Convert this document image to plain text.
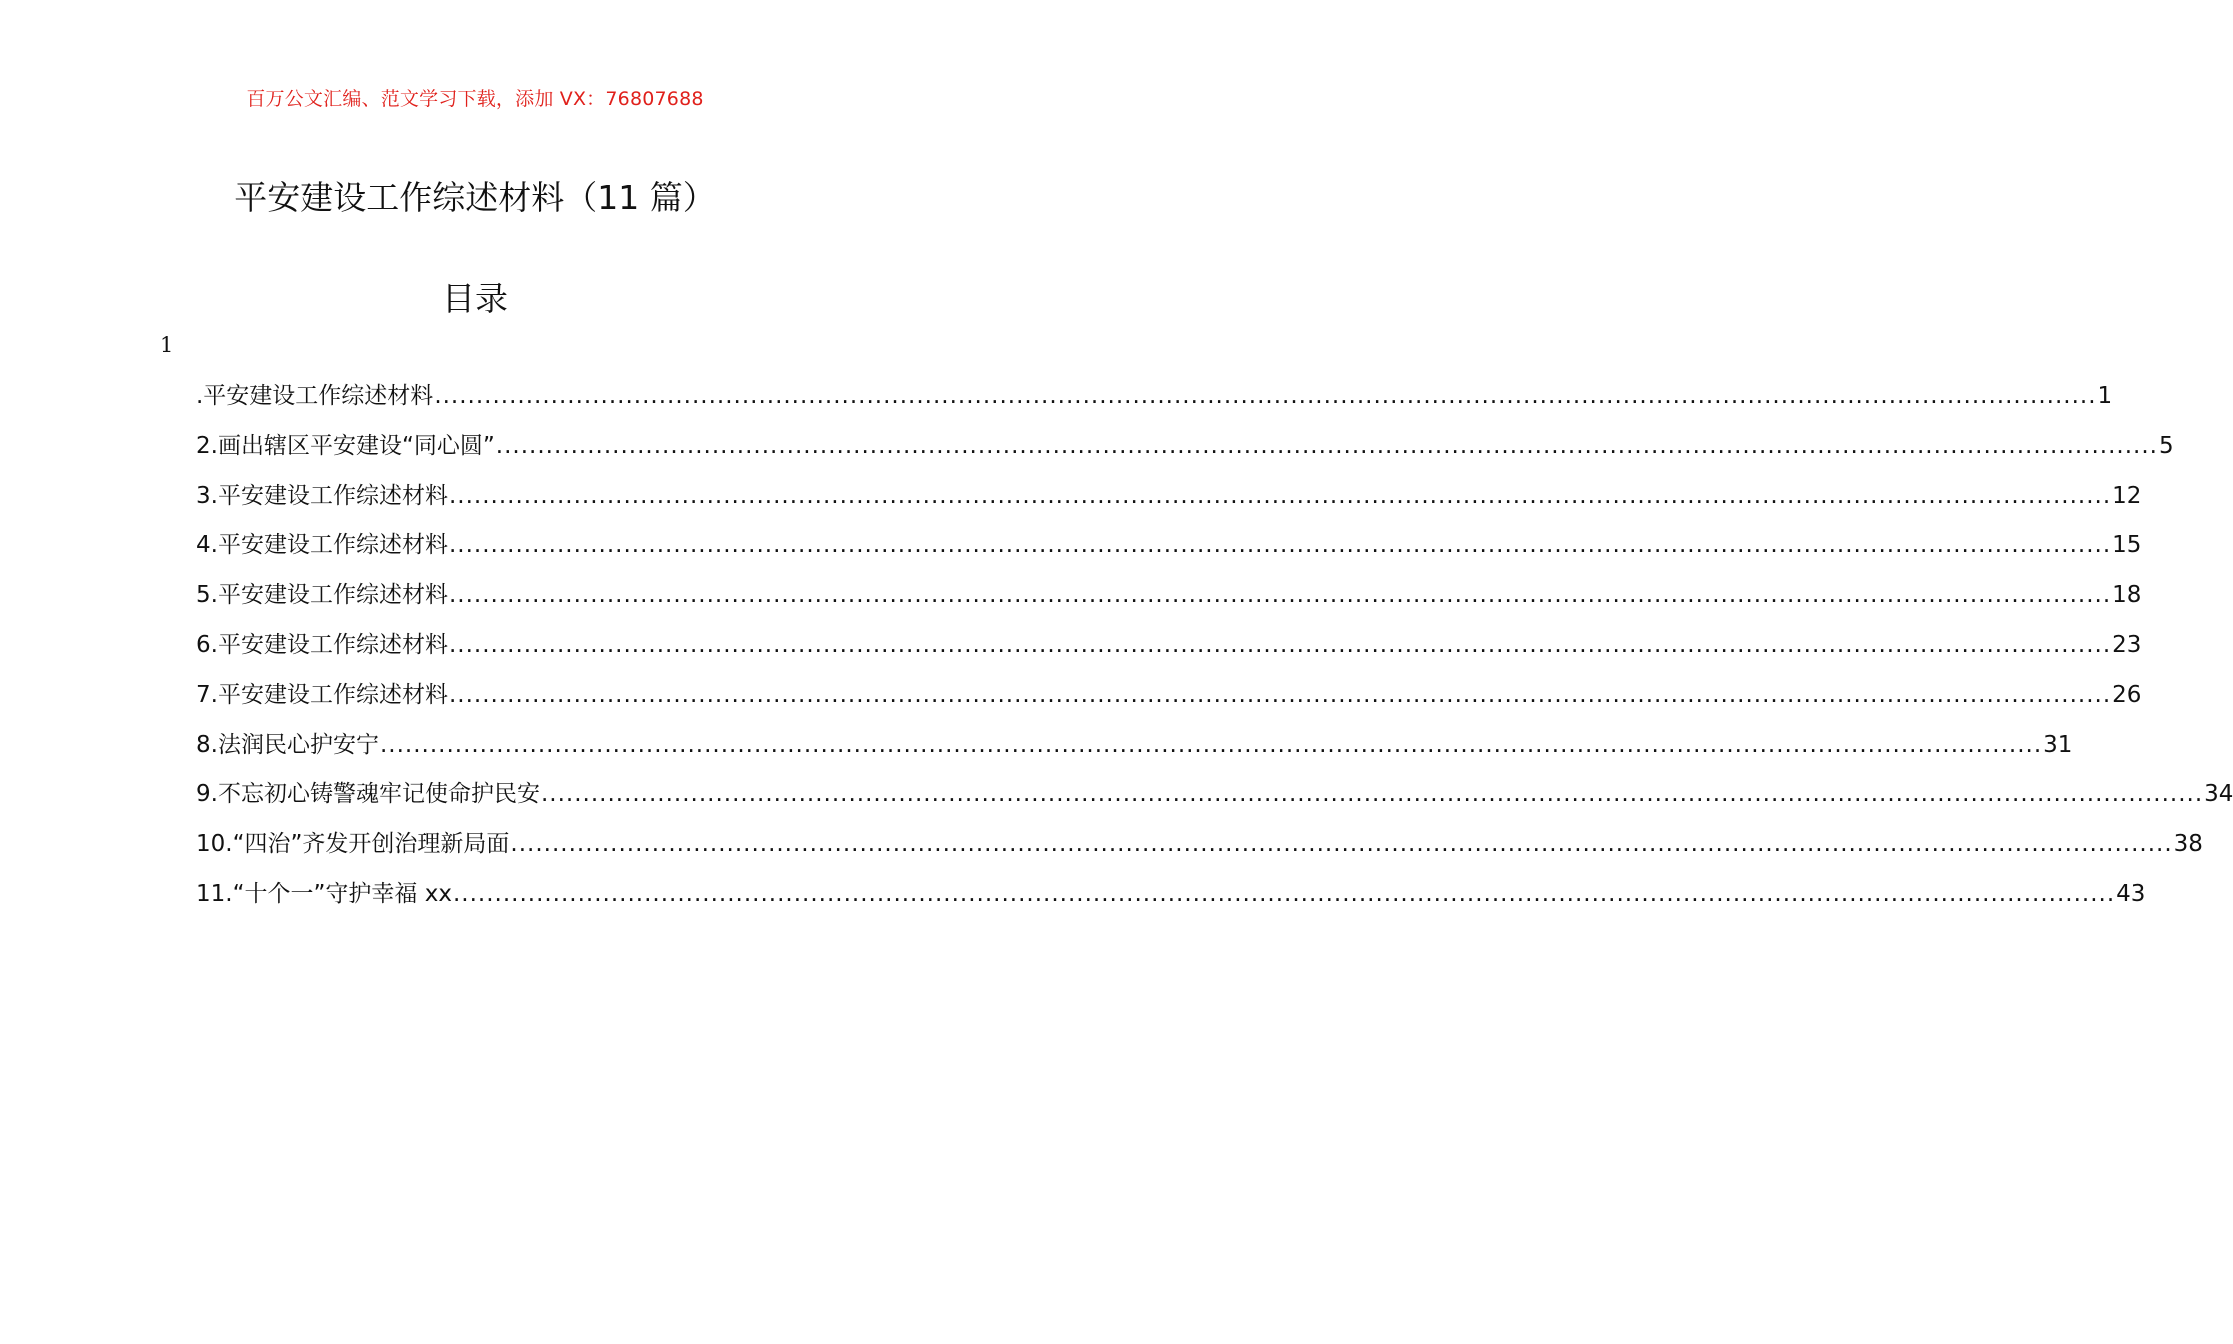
百万公文汇编、范文学习下载，添加 VX：76807688
平安建设工作综述材料（11 篇）
目录
1
.平安建设工作综述材料 ........................................................................................................................................................................................................ 1
2.画出辖区平安建设“同心圆” ........................................................................................................................................................................................................ 5
3.平安建设工作综述材料 ........................................................................................................................................................................................................ 12
4.平安建设工作综述材料 ........................................................................................................................................................................................................ 15
5.平安建设工作综述材料 ........................................................................................................................................................................................................ 18
6.平安建设工作综述材料 ........................................................................................................................................................................................................ 23
7.平安建设工作综述材料 ........................................................................................................................................................................................................ 26
8.法润民心护安宁 ........................................................................................................................................................................................................ 31
9.不忘初心铸警魂牢记使命护民安 ........................................................................................................................................................................................................ 34
10.“四治”齐发开创治理新局面 ........................................................................................................................................................................................................ 38
11.“十个一”守护幸福 xx ........................................................................................................................................................................................................ 43
